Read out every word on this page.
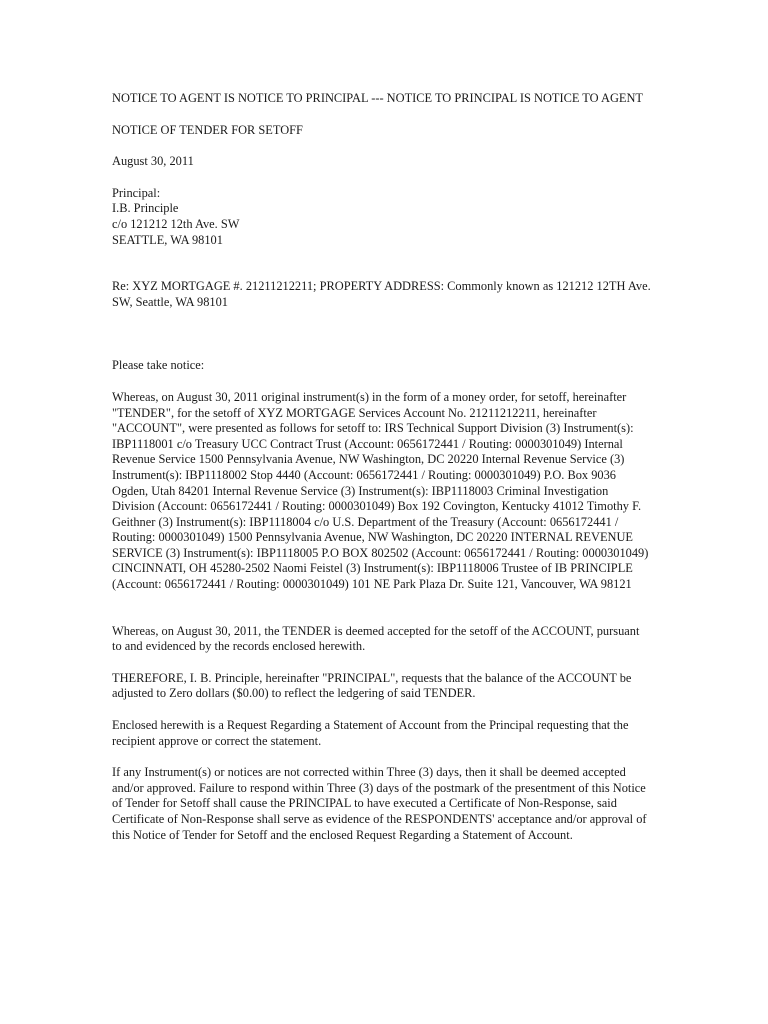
NOTICE TO AGENT IS NOTICE TO PRINCIPAL --- NOTICE TO PRINCIPAL IS NOTICE TO AGENT

NOTICE OF TENDER FOR SETOFF

August 30, 2011

Principal:
I.B. Principle
c/o 121212 12th Ave. SW
SEATTLE, WA 98101

Re: XYZ MORTGAGE #. 21211212211; PROPERTY ADDRESS: Commonly known as 121212 12TH Ave. SW, Seattle, WA 98101

Please take notice:

Whereas, on August 30, 2011 original instrument(s) in the form of a money order, for setoff, hereinafter "TENDER", for the setoff of XYZ MORTGAGE Services Account No. 21211212211, hereinafter "ACCOUNT", were presented as follows for setoff to: IRS Technical Support Division (3) Instrument(s): IBP1118001 c/o Treasury UCC Contract Trust (Account: 0656172441 / Routing: 0000301049) Internal Revenue Service 1500 Pennsylvania Avenue, NW Washington, DC 20220 Internal Revenue Service (3) Instrument(s): IBP1118002 Stop 4440 (Account: 0656172441 / Routing: 0000301049) P.O. Box 9036 Ogden, Utah 84201 Internal Revenue Service (3) Instrument(s): IBP1118003 Criminal Investigation Division (Account: 0656172441 / Routing: 0000301049) Box 192 Covington, Kentucky 41012 Timothy F. Geithner (3) Instrument(s): IBP1118004 c/o U.S. Department of the Treasury (Account: 0656172441 / Routing: 0000301049) 1500 Pennsylvania Avenue, NW Washington, DC 20220 INTERNAL REVENUE SERVICE (3) Instrument(s): IBP1118005 P.O BOX 802502 (Account: 0656172441 / Routing: 0000301049) CINCINNATI, OH 45280-2502 Naomi Feistel (3) Instrument(s): IBP1118006 Trustee of IB PRINCIPLE (Account: 0656172441 / Routing: 0000301049) 101 NE Park Plaza Dr. Suite 121, Vancouver, WA 98121

Whereas, on August 30, 2011, the TENDER is deemed accepted for the setoff of the ACCOUNT, pursuant to and evidenced by the records enclosed herewith.

THEREFORE, I. B. Principle, hereinafter "PRINCIPAL", requests that the balance of the ACCOUNT be adjusted to Zero dollars ($0.00) to reflect the ledgering of said TENDER.

Enclosed herewith is a Request Regarding a Statement of Account from the Principal requesting that the recipient approve or correct the statement.

If any Instrument(s) or notices are not corrected within Three (3) days, then it shall be deemed accepted and/or approved. Failure to respond within Three (3) days of the postmark of the presentment of this Notice of Tender for Setoff shall cause the PRINCIPAL to have executed a Certificate of Non-Response, said Certificate of Non-Response shall serve as evidence of the RESPONDENTS' acceptance and/or approval of this Notice of Tender for Setoff and the enclosed Request Regarding a Statement of Account.
